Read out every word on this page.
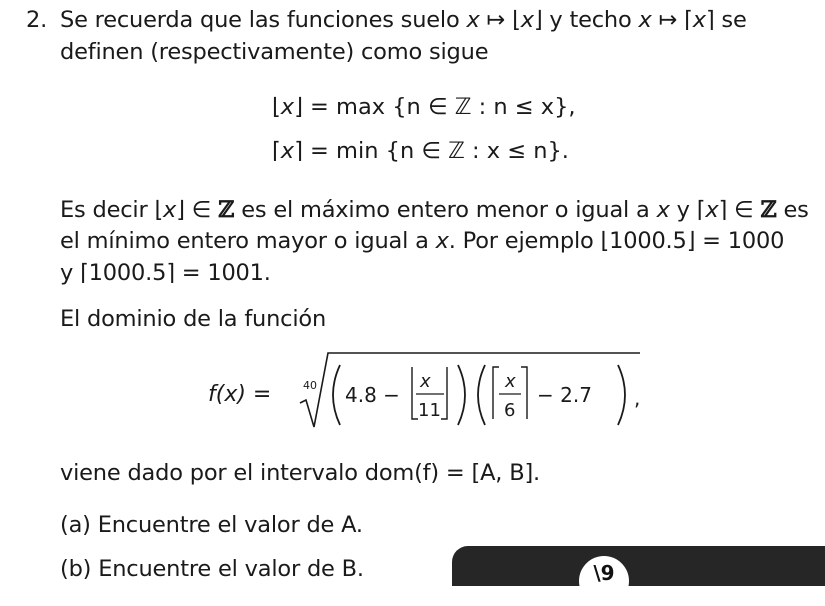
2. Se recuerda que las funciones suelo x ↦ ⌊x⌋ y techo x ↦ ⌈x⌉ se
definen (respectivamente) como sigue
⌊x⌋ = max {n ∈ ℤ : n ≤ x},
⌈x⌉ = min {n ∈ ℤ : x ≤ n}.
Es decir ⌊x⌋ ∈ ℤ es el máximo entero menor o igual a x y ⌈x⌉ ∈ ℤ es
el mínimo entero mayor o igual a x. Por ejemplo ⌊1000.5⌋ = 1000
y ⌈1000.5⌉ = 1001.
El dominio de la función
f(x) =	40 4.8 −
x
11
x
6
− 2.7 ,
viene dado por el intervalo dom(f) = [A, B].
(a) Encuentre el valor de A.
(b) Encuentre el valor de B.	\9
